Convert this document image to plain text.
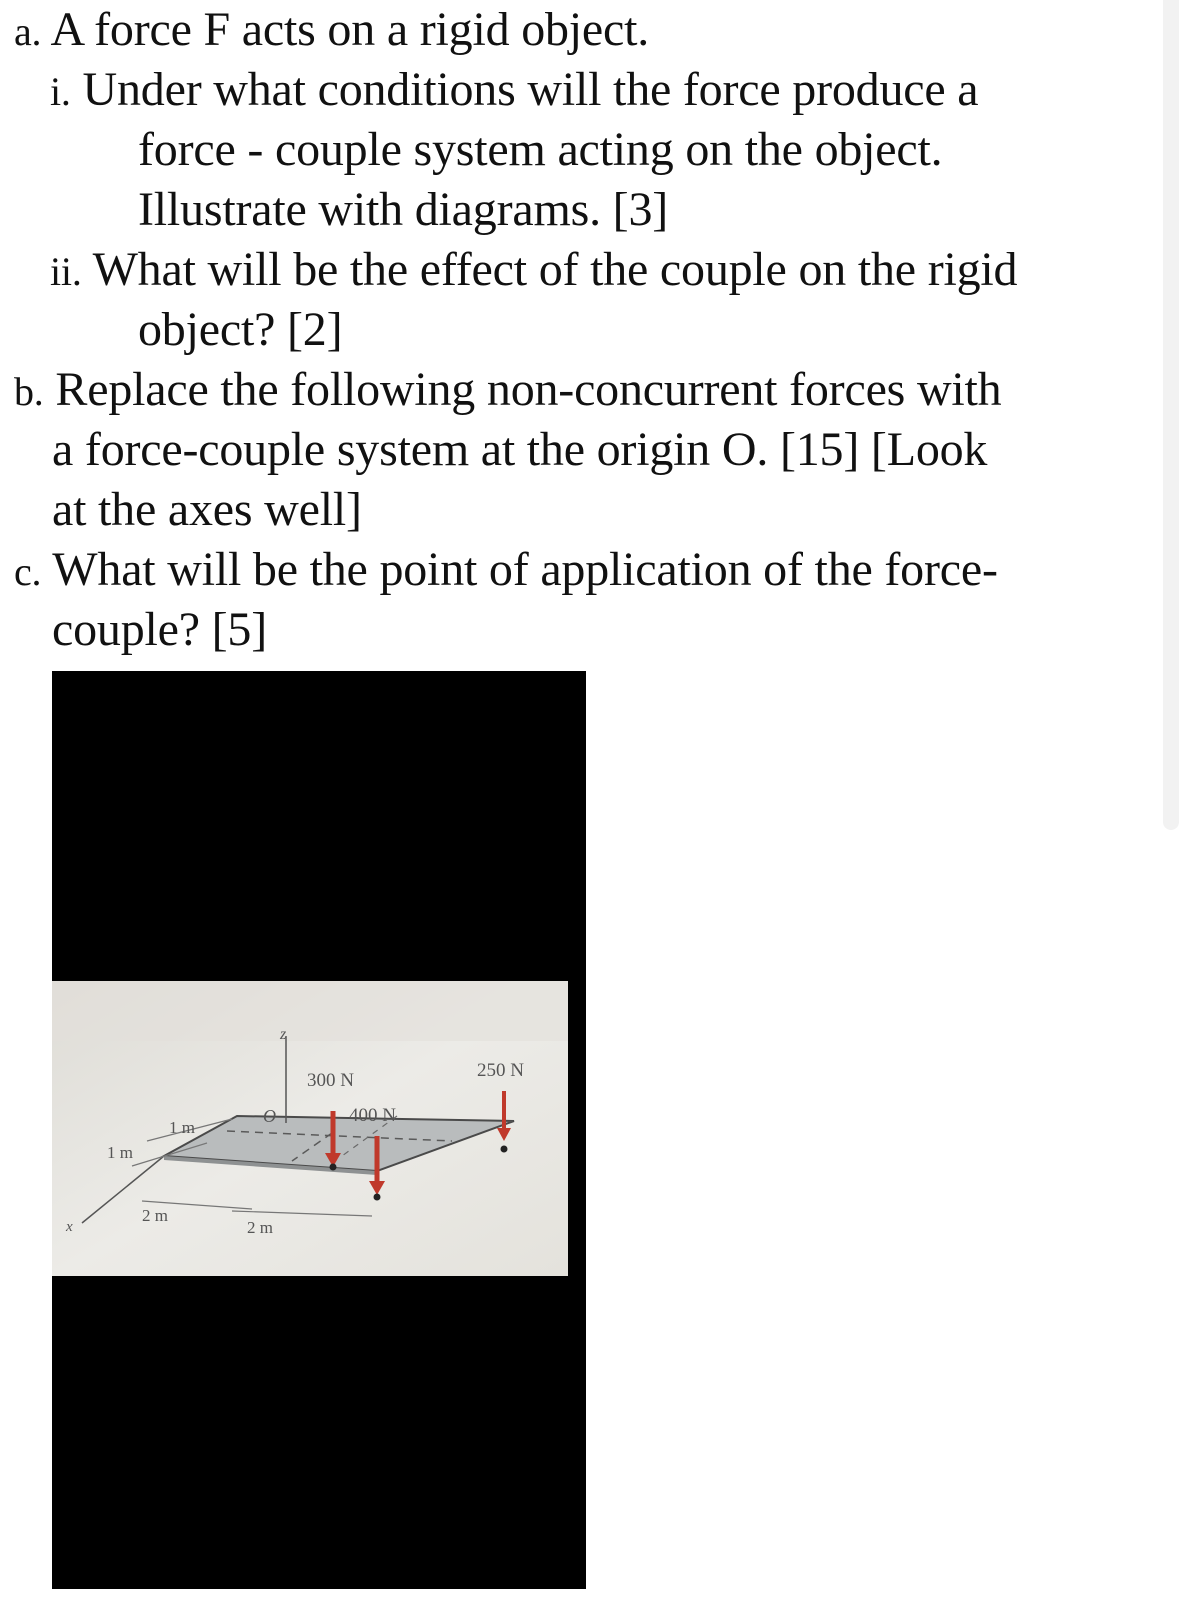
a. A force F acts on a rigid object.
i. Under what conditions will the force produce a
force - couple system acting on the object.
Illustrate with diagrams. [3]
ii. What will be the effect of the couple on the rigid
object? [2]
b. Replace the following non-concurrent forces with
a force-couple system at the origin O. [15] [Look
at the axes well]
c. What will be the point of application of the force-
couple? [5]
z
x
O
1 m
1 m
2 m
2 m
300 N
400 N
250 N
